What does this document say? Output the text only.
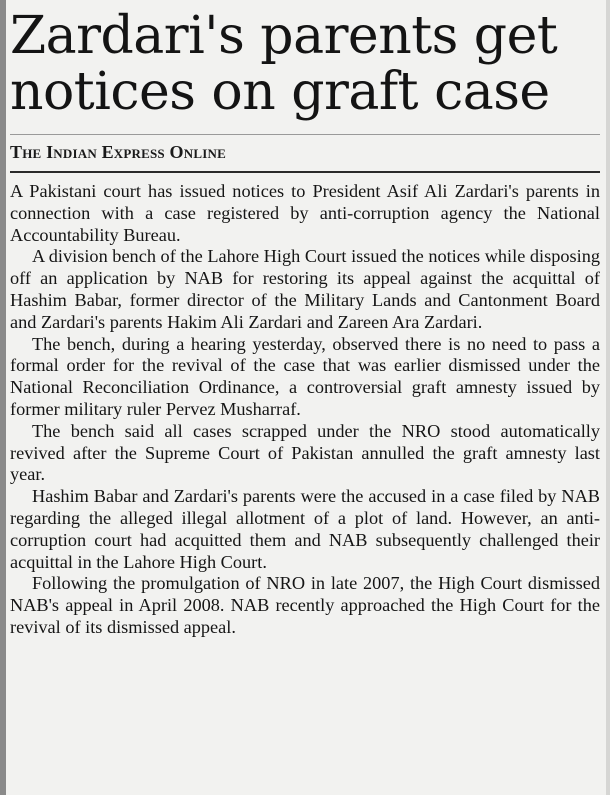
Zardari's parents get
notices on graft case
The Indian Express Online

A Pakistani court has issued notices to President Asif Ali Zardari's parents in connection with a case registered by anti-corruption agency the National Accountability Bureau.

A division bench of the Lahore High Court issued the notices while disposing off an application by NAB for restoring its appeal against the acquittal of Hashim Babar, former director of the Military Lands and Cantonment Board and Zardari's parents Hakim Ali Zardari and Zareen Ara Zardari.

The bench, during a hearing yesterday, observed there is no need to pass a formal order for the revival of the case that was earlier dismissed under the National Reconciliation Ordinance, a controversial graft amnesty issued by former military ruler Pervez Musharraf.

The bench said all cases scrapped under the NRO stood automatically revived after the Supreme Court of Pakistan annulled the graft amnesty last year.

Hashim Babar and Zardari's parents were the accused in a case filed by NAB regarding the alleged illegal allotment of a plot of land. However, an anti-corruption court had acquitted them and NAB subsequently challenged their acquittal in the Lahore High Court.

Following the promulgation of NRO in late 2007, the High Court dismissed NAB's appeal in April 2008. NAB recently approached the High Court for the revival of its dismissed appeal.
